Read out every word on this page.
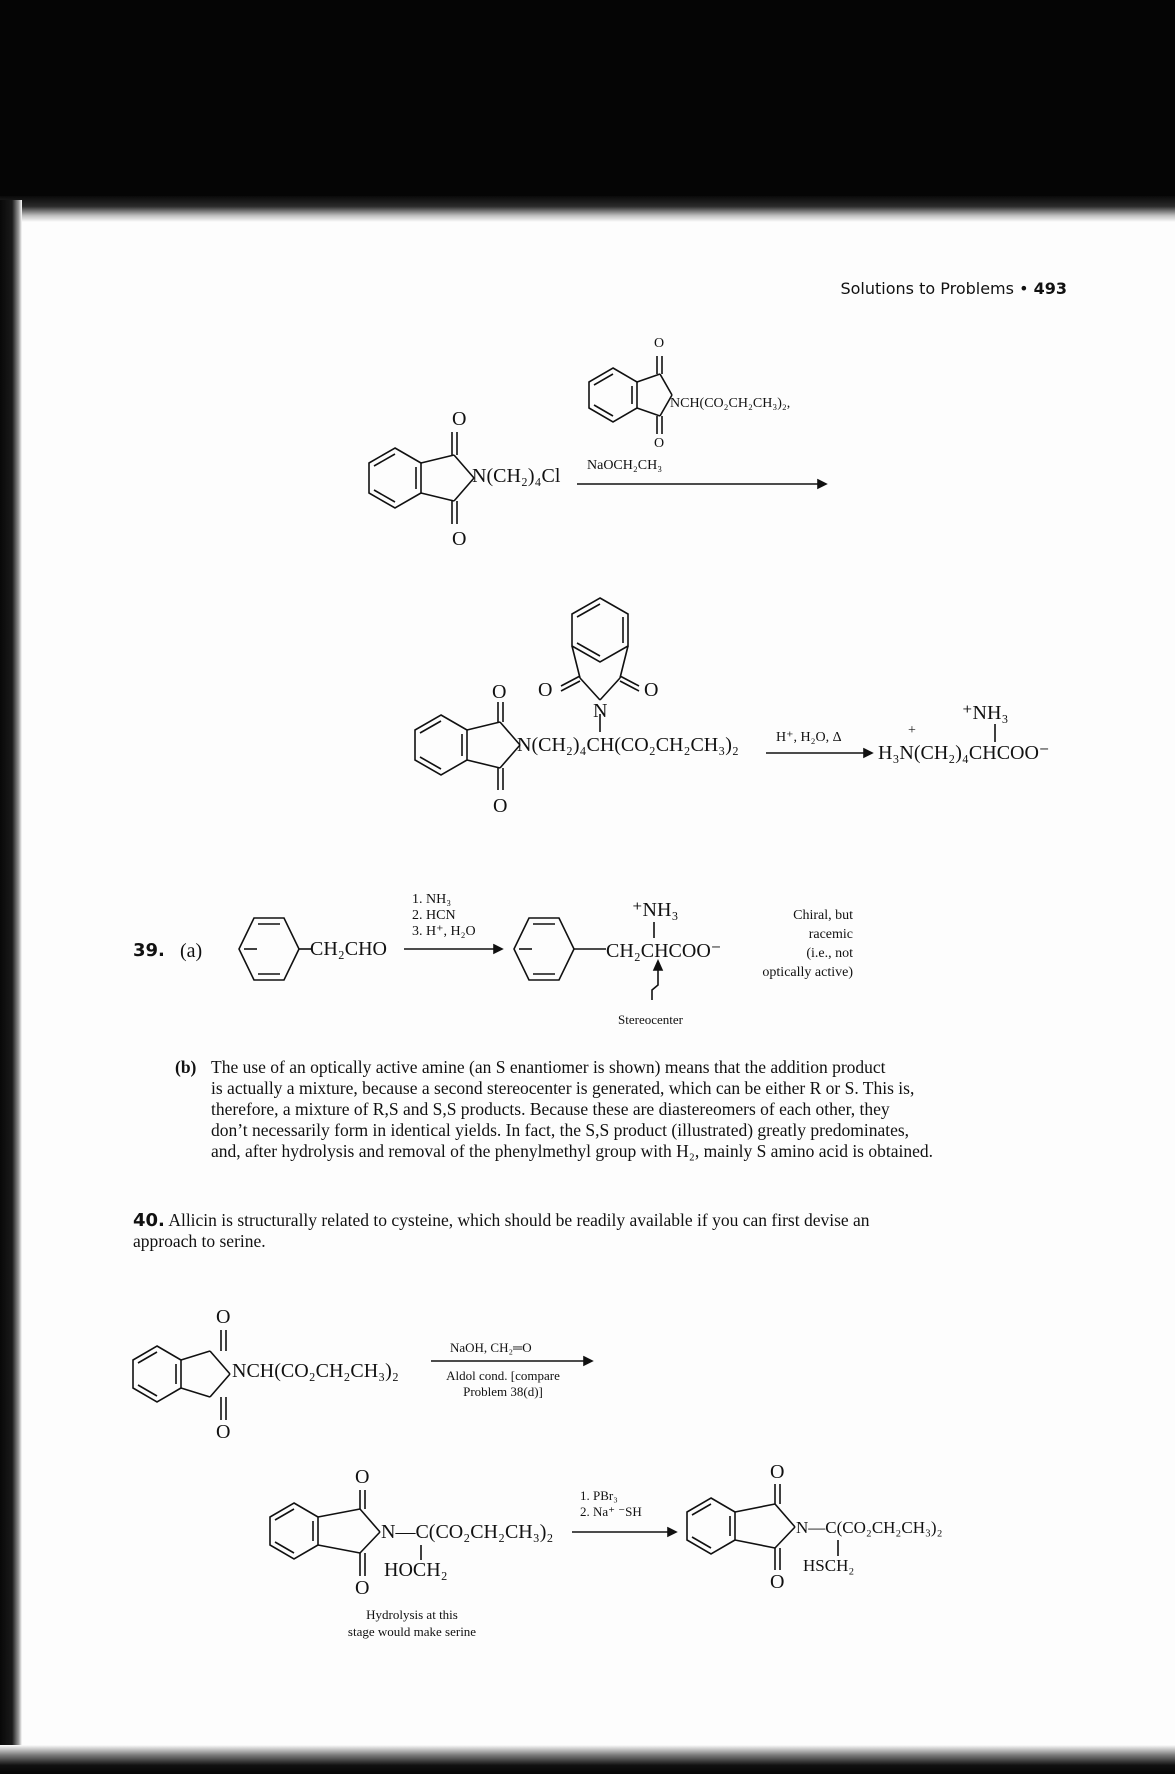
Solutions to Problems • 493
O
O
N(CH₂)₄Cl
O
O
NCH(CO₂CH₂CH₃)₂,
NaOCH₂CH₃
O	O
O
O
N
N(CH₂)₄CH(CO₂CH₂CH₃)₂	H⁺, H₂O, Δ
⁺NH₃
+
H₃N(CH₂)₄CHCOO⁻
39. (a)	CH₂CHO
1. NH₃
2. HCN
3. H⁺, H₂O
⁺NH₃
CH₂CHCOO⁻
Stereocenter
Chiral, but
racemic
(i.e., not
optically active)
(b) The use of an optically active amine (an S enantiomer is shown) means that the addition product
is actually a mixture, because a second stereocenter is generated, which can be either R or S. This is,
therefore, a mixture of R,S and S,S products. Because these are diastereomers of each other, they
don’t necessarily form in identical yields. In fact, the S,S product (illustrated) greatly predominates,
and, after hydrolysis and removal of the phenylmethyl group with H₂, mainly S amino acid is obtained.
40. Allicin is structurally related to cysteine, which should be readily available if you can first devise an
approach to serine.
O
O
NCH(CO₂CH₂CH₃)₂
NaOH, CH₂═O
Aldol cond. [compare
Problem 38(d)]
O
O
N—C(CO₂CH₂CH₃)₂
HOCH₂
Hydrolysis at this
stage would make serine
1. PBr₃
2. Na⁺ ⁻SH
O
O
N—C(CO₂CH₂CH₃)₂
HSCH₂
